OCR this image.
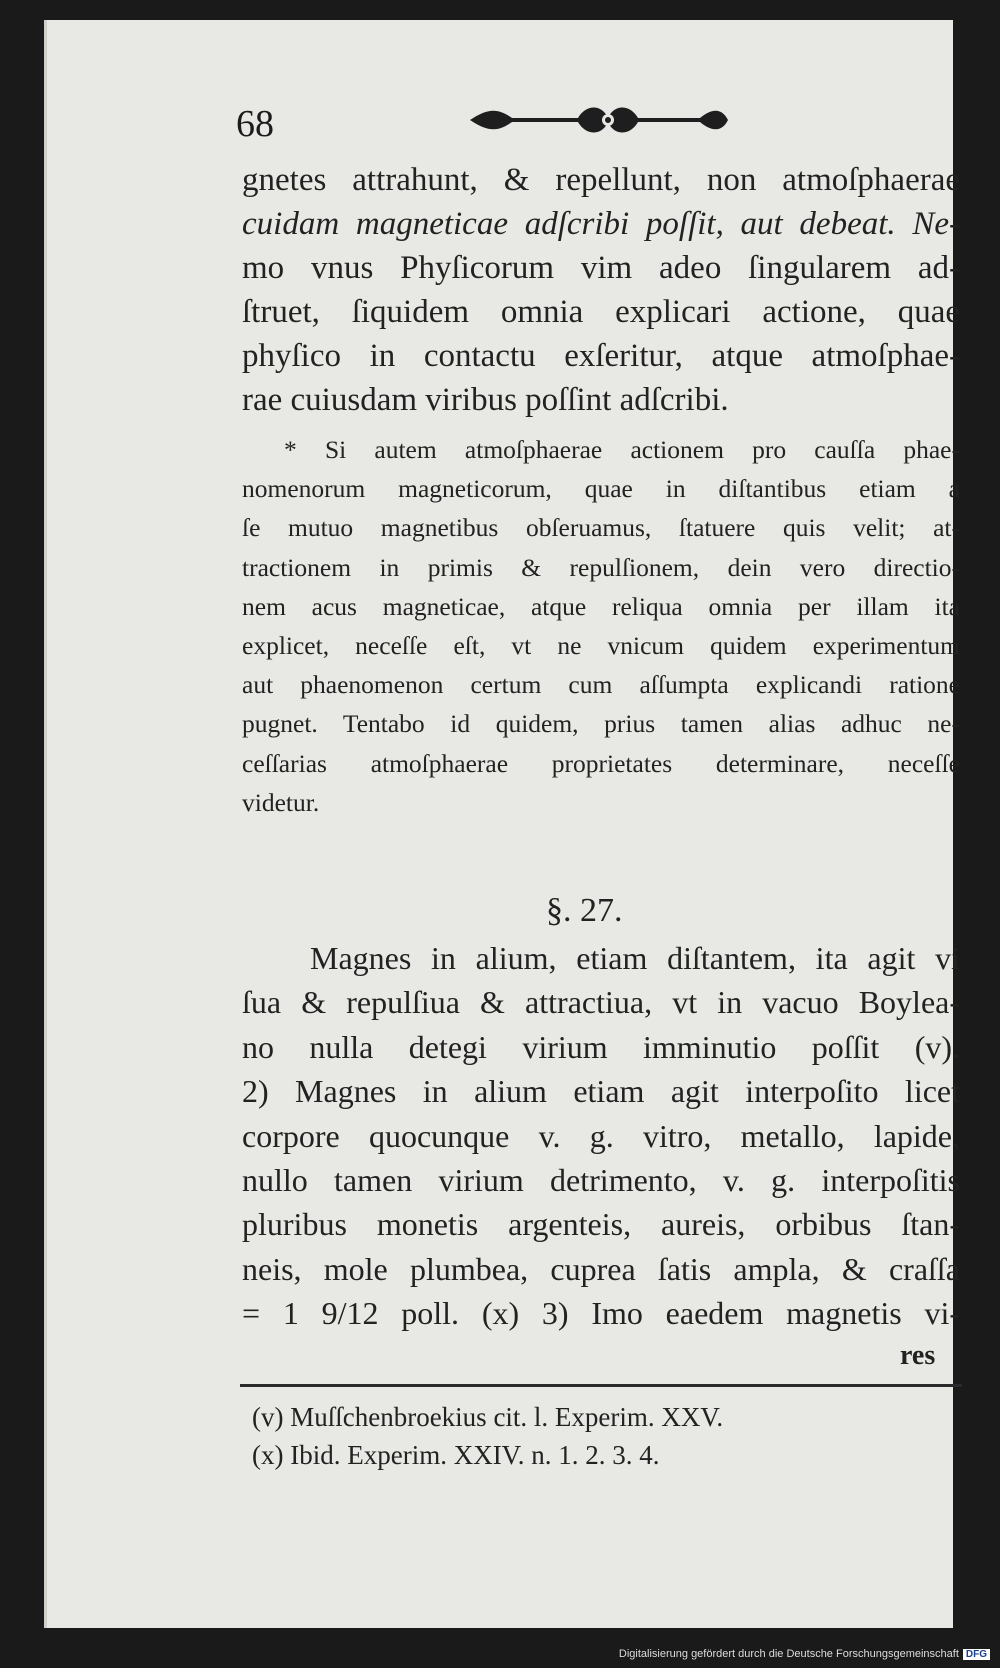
68
gnetes attrahunt, & repellunt, non atmoſphaerae
cuidam magneticae adſcribi poſſit, aut debeat. Ne-
mo vnus Phyſicorum vim adeo ſingularem ad-
ſtruet, ſiquidem omnia explicari actione, quae
phyſico in contactu exſeritur, atque atmoſphae-
rae cuiusdam viribus poſſint adſcribi.
* Si autem atmoſphaerae actionem pro cauſſa phae-
nomenorum magneticorum, quae in diſtantibus etiam a
ſe mutuo magnetibus obſeruamus, ſtatuere quis velit; at-
tractionem in primis & repulſionem, dein vero directio-
nem acus magneticae, atque reliqua omnia per illam ita
explicet, neceſſe eſt, vt ne vnicum quidem experimentum
aut phaenomenon certum cum aſſumpta explicandi ratione
pugnet. Tentabo id quidem, prius tamen alias adhuc ne-
ceſſarias atmoſphaerae proprietates determinare, neceſſe
videtur.
§. 27.
Magnes in alium, etiam diſtantem, ita agit vi
ſua & repulſiua & attractiua, vt in vacuo Boylea-
no nulla detegi virium imminutio poſſit (v).
2) Magnes in alium etiam agit interpoſito licet
corpore quocunque v. g. vitro, metallo, lapide,
nullo tamen virium detrimento, v. g. interpoſitis
pluribus monetis argenteis, aureis, orbibus ſtan-
neis, mole plumbea, cuprea ſatis ampla, & craſſa
= 1 9/12 poll. (x) 3) Imo eaedem magnetis vi-
res
(v) Muſſchenbroekius cit. l. Experim. XXV.
(x) Ibid. Experim. XXIV. n. 1. 2. 3. 4.
Digitalisierung gefördert durch die Deutsche Forschungsgemeinschaft DFG
